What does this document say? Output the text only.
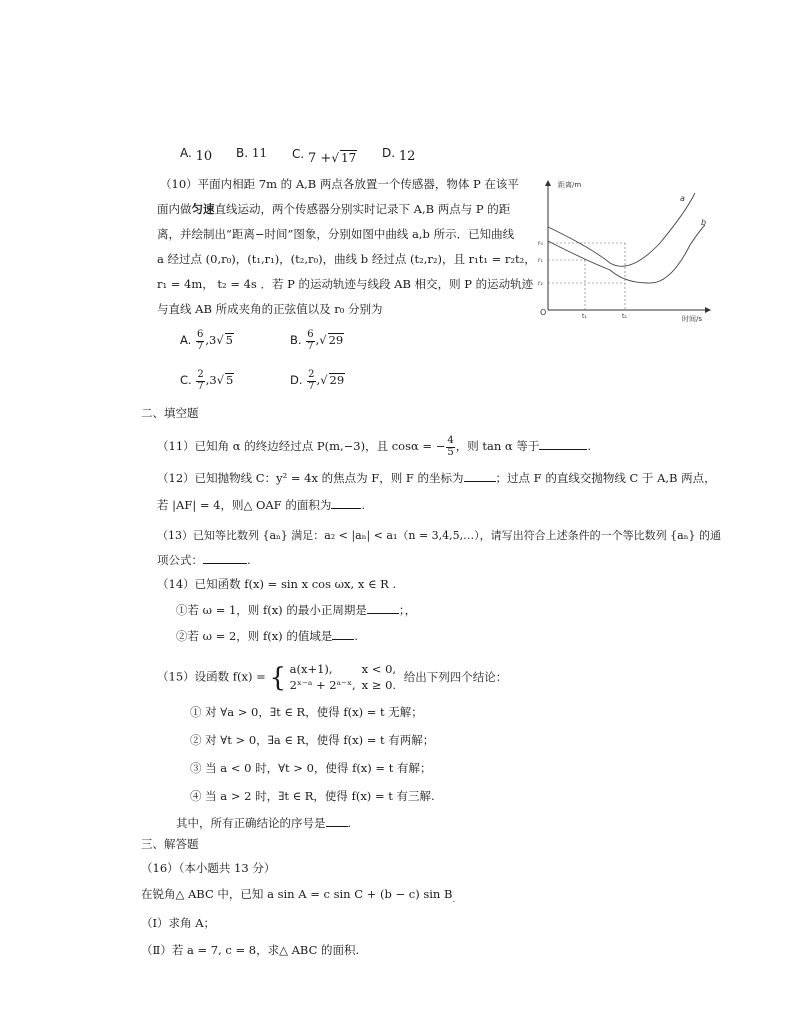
A. 10 B. 11 C. 7 +√ 17 D. 12
（10）平面内相距 7m 的 A,B 两点各放置一个传感器，物体 P 在该平
面内做匀速直线运动，两个传感器分别实时记录下 A,B 两点与 P 的距
离，并绘制出“距离−时间”图象，分别如图中曲线 a,b 所示．已知曲线
a 经过点 (0,r₀)，(t₁,r₁)，(t₂,r₀)，曲线 b 经过点 (t₂,r₂)，且 r₁t₁ = r₂t₂，
r₁ = 4m， t₂ = 4s ．若 P 的运动轨迹与线段 AB 相交，则 P 的运动轨迹
与直线 AB 所成夹角的正弦值以及 r₀ 分别为
A. $\frac{6}{7} ,3√$ 5	B. $\frac{6}{7}$ ,√ 29
C. $\frac{2}{7} ,3√$ 5	D. $\frac{2}{7}$ ,√ 29
距离/m
时间/s
O
a
b
r₀
r₁
r₂
t₁	t₂
二、填空题
（11）已知角 α 的终边经过点 P(m,−3)，且 cosα = − $\frac{4}{5}$ ，则 tan α 等于	.
（12）已知抛物线 C：y² = 4x 的焦点为 F，则 F 的坐标为	；过点 F 的直线交抛物线 C 于 A,B 两点，
若 |AF| = 4，则△ OAF 的面积为	.
（13）已知等比数列 {aₙ} 满足：a₂ < |aₙ| < a₁（n = 3,4,5,…），请写出符合上述条件的一个等比数列 {aₙ} 的通
项公式：	.
（14）已知函数 f(x) = sin x cos ωx, x ∈ R .
①若 ω = 1，则 f(x) 的最小正周期是	；，
②若 ω = 2，则 f(x) 的值域是 .
（15）设函数 f(x) = { a(x+1),	x < 0,
2ˣ⁻ᵃ + 2ᵃ⁻ˣ, x ≥ 0.
给出下列四个结论：
① 对 ∀a > 0，∃t ∈ R，使得 f(x) = t 无解；
② 对 ∀t > 0，∃a ∈ R，使得 f(x) = t 有两解；
③ 当 a < 0 时，∀t > 0，使得 f(x) = t 有解；
④ 当 a > 2 时，∃t ∈ R，使得 f(x) = t 有三解.
其中，所有正确结论的序号是 .
三、解答题
（16）（本小题共 13 分）
在锐角△ ABC 中，已知 a sin A = c sin C + (b − c) $\sin B_.$
（Ⅰ）求角 A；
（Ⅱ）若 a = 7, c = 8，求△ ABC 的面积.
